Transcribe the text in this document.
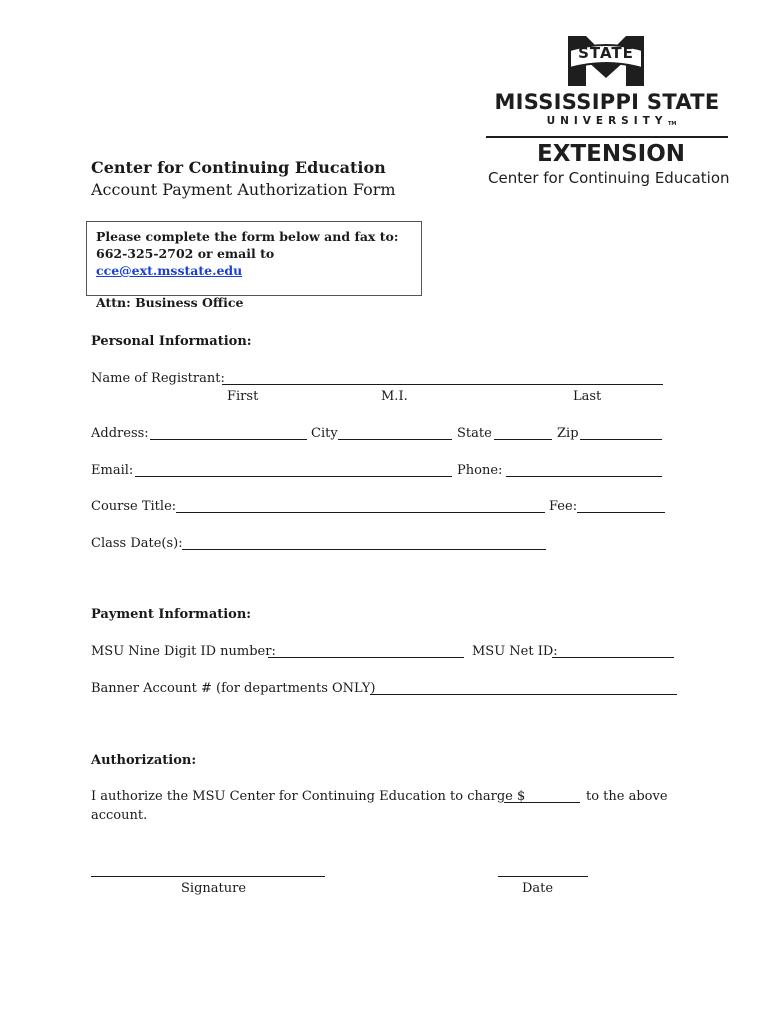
STATE
MISSISSIPPI STATE
UNIVERSITY TM
EXTENSION
Center for Continuing Education
Center for Continuing Education
Account Payment Authorization Form
Please complete the form below and fax to:
662-325-2702 or email to cce@ext.msstate.edu
Attn: Business Office
Personal Information:
Name of Registrant:
First	M.I.	Last
Address:	City	State	Zip
Email:	Phone:
Course Title:	Fee:
Class Date(s):
Payment Information:
MSU Nine Digit ID number:	MSU Net ID:
Banner Account # (for departments ONLY)
Authorization:
I authorize the MSU Center for Continuing Education to charge $	to the above
account.
Signature	Date
